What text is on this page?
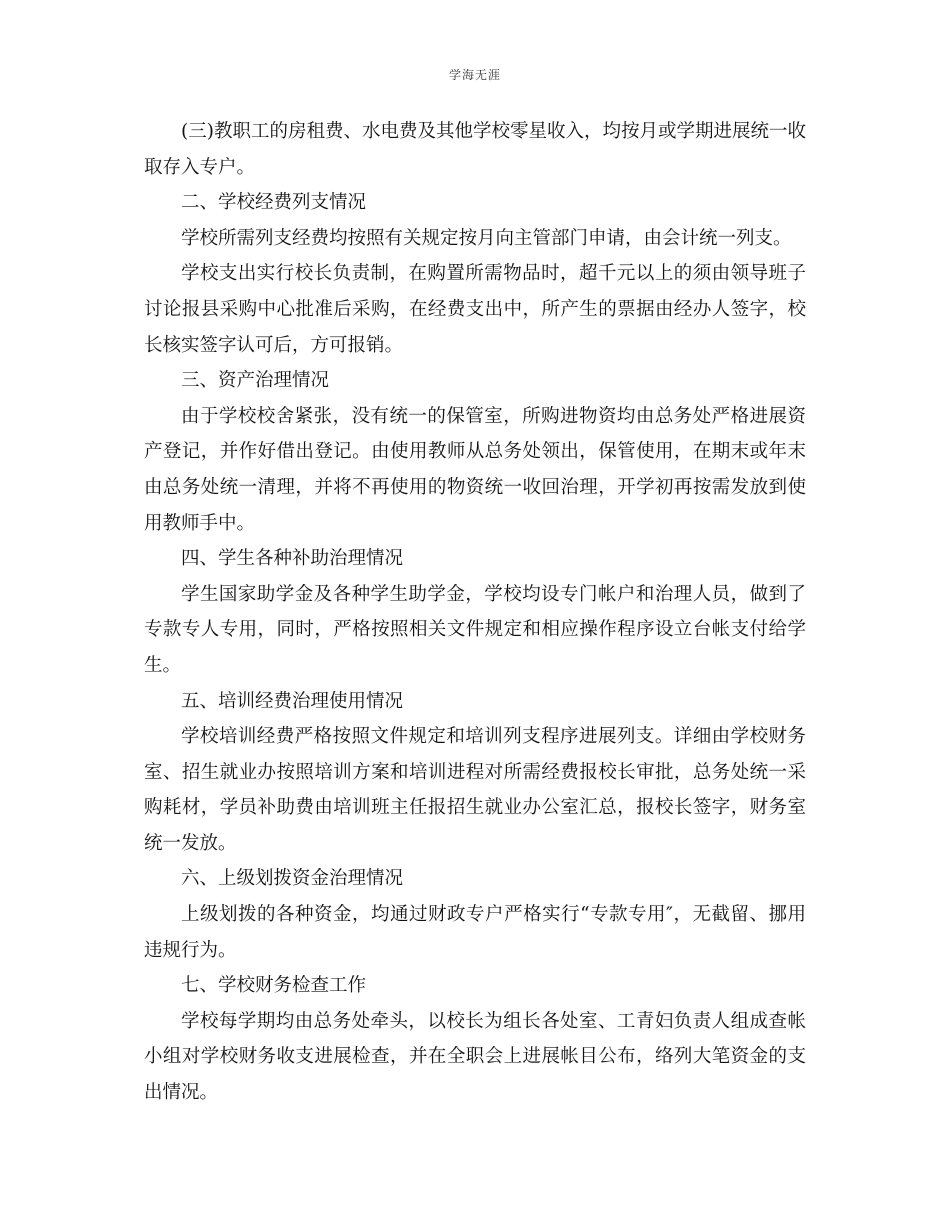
学海无涯

(三)教职工的房租费、水电费及其他学校零星收入，均按月或学期进展统一收取存入专户。

二、学校经费列支情况

学校所需列支经费均按照有关规定按月向主管部门申请，由会计统一列支。

学校支出实行校长负责制，在购置所需物品时，超千元以上的须由领导班子讨论报县采购中心批准后采购，在经费支出中，所产生的票据由经办人签字，校长核实签字认可后，方可报销。

三、资产治理情况

由于学校校舍紧张，没有统一的保管室，所购进物资均由总务处严格进展资产登记，并作好借出登记。由使用教师从总务处领出，保管使用，在期末或年末由总务处统一清理，并将不再使用的物资统一收回治理，开学初再按需发放到使用教师手中。

四、学生各种补助治理情况

学生国家助学金及各种学生助学金，学校均设专门帐户和治理人员，做到了专款专人专用，同时，严格按照相关文件规定和相应操作程序设立台帐支付给学生。

五、培训经费治理使用情况

学校培训经费严格按照文件规定和培训列支程序进展列支。详细由学校财务室、招生就业办按照培训方案和培训进程对所需经费报校长审批，总务处统一采购耗材，学员补助费由培训班主任报招生就业办公室汇总，报校长签字，财务室统一发放。

六、上级划拨资金治理情况

上级划拨的各种资金，均通过财政专户严格实行“专款专用″，无截留、挪用违规行为。

七、学校财务检查工作

学校每学期均由总务处牵头，以校长为组长各处室、工青妇负责人组成查帐小组对学校财务收支进展检查，并在全职会上进展帐目公布，络列大笔资金的支出情况。
